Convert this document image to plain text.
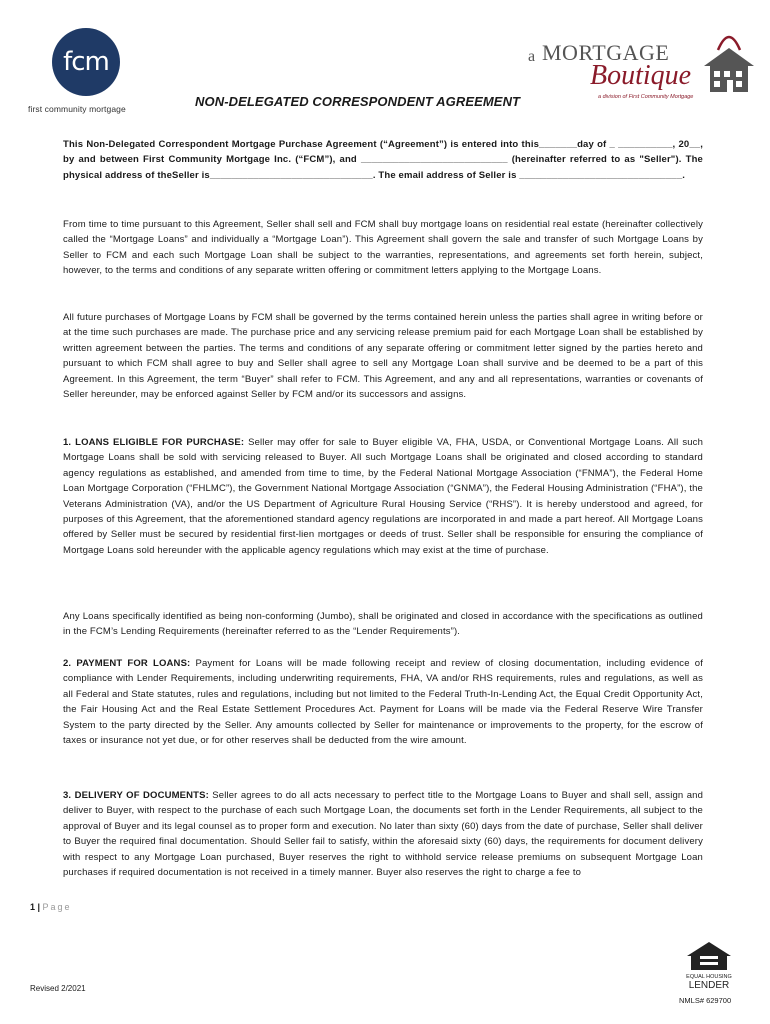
fcm
first community mortgage
a MORTGAGE
Boutique
a division of First Community Mortgage
NON-DELEGATED CORRESPONDENT AGREEMENT
This Non-Delegated Correspondent Mortgage Purchase Agreement (“Agreement”) is entered into this_______day of _ __________, 20__, by and between First Community Mortgage Inc. (“FCM”), and ___________________________ (hereinafter referred to as "Seller"). The physical address of theSeller is______________________________. The email address of Seller is ______________________________.
From time to time pursuant to this Agreement, Seller shall sell and FCM shall buy mortgage loans on residential real estate (hereinafter collectively called the “Mortgage Loans” and individually a “Mortgage Loan”). This Agreement shall govern the sale and transfer of such Mortgage Loans by Seller to FCM and each such Mortgage Loan shall be subject to the warranties, representations, and agreements set forth herein, subject, however, to the terms and conditions of any separate written offering or commitment letters applying to the Mortgage Loans.
All future purchases of Mortgage Loans by FCM shall be governed by the terms contained herein unless the parties shall agree in writing before or at the time such purchases are made. The purchase price and any servicing release premium paid for each Mortgage Loan shall be established by written agreement between the parties. The terms and conditions of any separate offering or commitment letter signed by the parties hereto and pursuant to which FCM shall agree to buy and Seller shall agree to sell any Mortgage Loan shall survive and be deemed to be a part of this Agreement. In this Agreement, the term “Buyer” shall refer to FCM. This Agreement, and any and all representations, warranties or covenants of Seller hereunder, may be enforced against Seller by FCM and/or its successors and assigns.
1. LOANS ELIGIBLE FOR PURCHASE: Seller may offer for sale to Buyer eligible VA, FHA, USDA, or Conventional Mortgage Loans. All such Mortgage Loans shall be sold with servicing released to Buyer. All such Mortgage Loans shall be originated and closed according to standard agency regulations as established, and amended from time to time, by the Federal National Mortgage Association (“FNMA”), the Federal Home Loan Mortgage Corporation (“FHLMC”), the Government National Mortgage Association (“GNMA”), the Federal Housing Administration (“FHA”), the Veterans Administration (VA), and/or the US Department of Agriculture Rural Housing Service (“RHS”). It is hereby understood and agreed, for purposes of this Agreement, that the aforementioned standard agency regulations are incorporated in and made a part hereof. All Mortgage Loans offered by Seller must be secured by residential first-lien mortgages or deeds of trust. Seller shall be responsible for ensuring the compliance of Mortgage Loans sold hereunder with the applicable agency regulations which may exist at the time of purchase.
Any Loans specifically identified as being non-conforming (Jumbo), shall be originated and closed in accordance with the specifications as outlined in the FCM’s Lending Requirements (hereinafter referred to as the “Lender Requirements”).
2. PAYMENT FOR LOANS: Payment for Loans will be made following receipt and review of closing documentation, including evidence of compliance with Lender Requirements, including underwriting requirements, FHA, VA and/or RHS requirements, rules and regulations, as well as all Federal and State statutes, rules and regulations, including but not limited to the Federal Truth-In-Lending Act, the Equal Credit Opportunity Act, the Fair Housing Act and the Real Estate Settlement Procedures Act. Payment for Loans will be made via the Federal Reserve Wire Transfer System to the party directed by the Seller. Any amounts collected by Seller for maintenance or improvements to the property, for the escrow of taxes or insurance not yet due, or for other reserves shall be deducted from the wire amount.
3. DELIVERY OF DOCUMENTS: Seller agrees to do all acts necessary to perfect title to the Mortgage Loans to Buyer and shall sell, assign and deliver to Buyer, with respect to the purchase of each such Mortgage Loan, the documents set forth in the Lender Requirements, all subject to the approval of Buyer and its legal counsel as to proper form and execution. No later than sixty (60) days from the date of purchase, Seller shall deliver to Buyer the required final documentation. Should Seller fail to satisfy, within the aforesaid sixty (60) days, the requirements for document delivery with respect to any Mortgage Loan purchased, Buyer reserves the right to withhold service release premiums on subsequent Mortgage Loan purchases if required documentation is not received in a timely manner. Buyer also reserves the right to charge a fee to
1 | Page
EQUAL HOUSING
LENDER
Revised 2/2021
NMLS# 629700
